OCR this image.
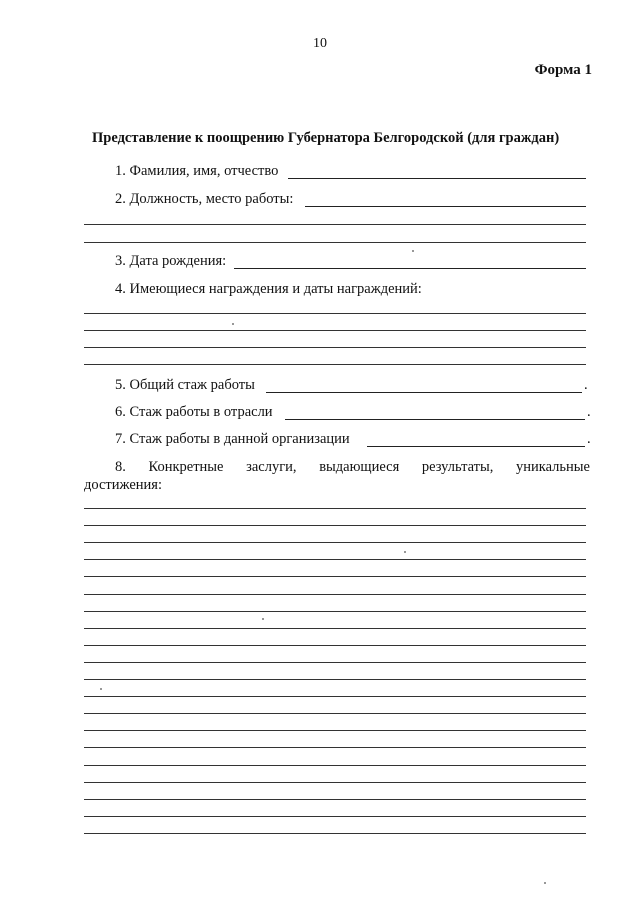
10
Форма 1
Представление к поощрению Губернатора Белгородской (для граждан)
1. Фамилия, имя, отчество
2. Должность, место работы:
3. Дата рождения:
4. Имеющиеся награждения и даты награждений:
5. Общий стаж работы	.
6. Стаж работы в отрасли	.
7. Стаж работы в данной организации	.
8. Конкретные заслуги, выдающиеся результаты, уникальные
достижения:
